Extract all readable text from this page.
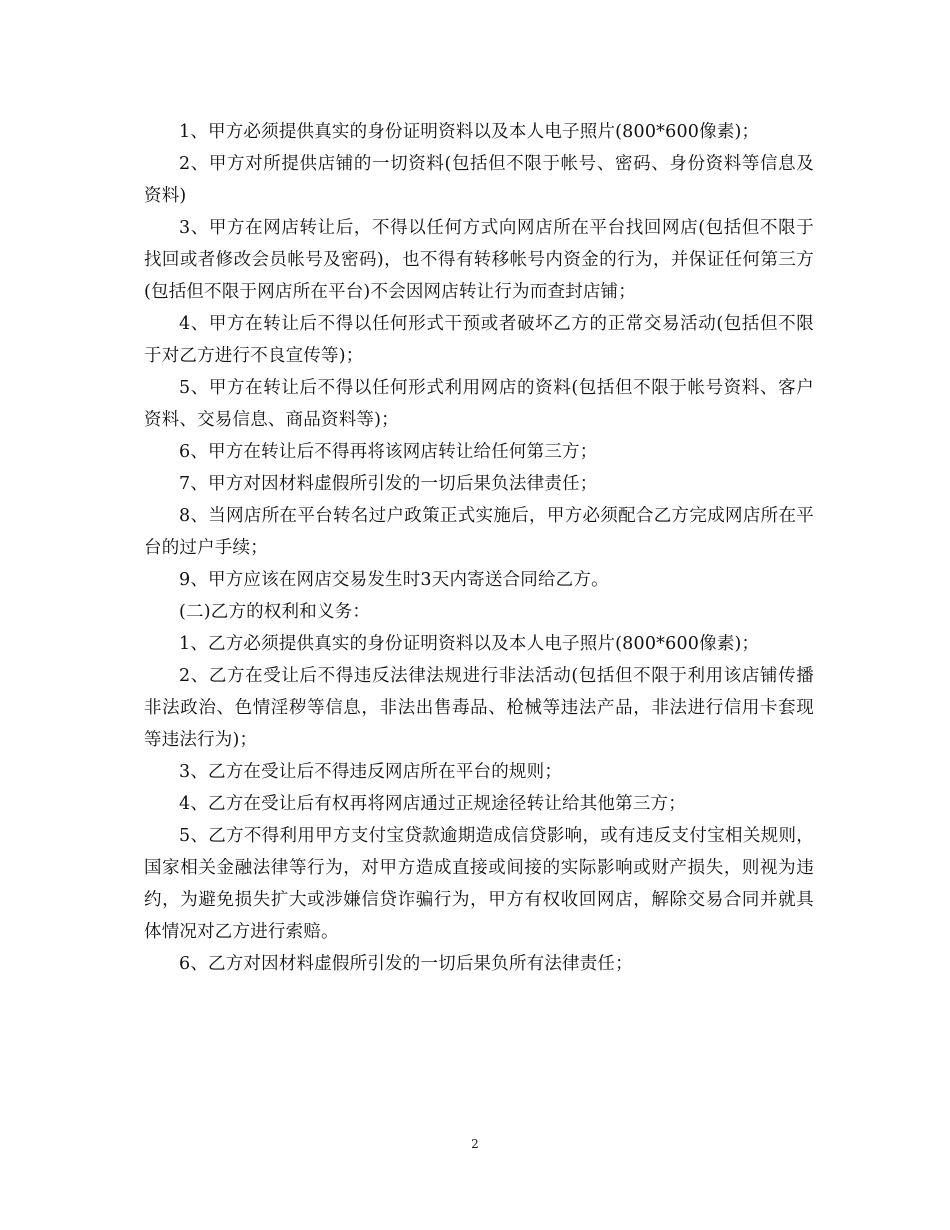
1、甲方必须提供真实的身份证明资料以及本人电子照片(800*600像素)；

2、甲方对所提供店铺的一切资料(包括但不限于帐号、密码、身份资料等信息及资料)

3、甲方在网店转让后，不得以任何方式向网店所在平台找回网店(包括但不限于找回或者修改会员帐号及密码)，也不得有转移帐号内资金的行为，并保证任何第三方(包括但不限于网店所在平台)不会因网店转让行为而查封店铺；

4、甲方在转让后不得以任何形式干预或者破坏乙方的正常交易活动(包括但不限于对乙方进行不良宣传等)；

5、甲方在转让后不得以任何形式利用网店的资料(包括但不限于帐号资料、客户资料、交易信息、商品资料等)；

6、甲方在转让后不得再将该网店转让给任何第三方；

7、甲方对因材料虚假所引发的一切后果负法律责任；

8、当网店所在平台转名过户政策正式实施后，甲方必须配合乙方完成网店所在平台的过户手续；

9、甲方应该在网店交易发生时3天内寄送合同给乙方。

(二)乙方的权利和义务：

1、乙方必须提供真实的身份证明资料以及本人电子照片(800*600像素)；

2、乙方在受让后不得违反法律法规进行非法活动(包括但不限于利用该店铺传播非法政治、色情淫秽等信息，非法出售毒品、枪械等违法产品，非法进行信用卡套现等违法行为)；

3、乙方在受让后不得违反网店所在平台的规则；

4、乙方在受让后有权再将网店通过正规途径转让给其他第三方；

5、乙方不得利用甲方支付宝贷款逾期造成信贷影响，或有违反支付宝相关规则，国家相关金融法律等行为，对甲方造成直接或间接的实际影响或财产损失，则视为违约，为避免损失扩大或涉嫌信贷诈骗行为，甲方有权收回网店，解除交易合同并就具体情况对乙方进行索赔。

6、乙方对因材料虚假所引发的一切后果负所有法律责任；

2
